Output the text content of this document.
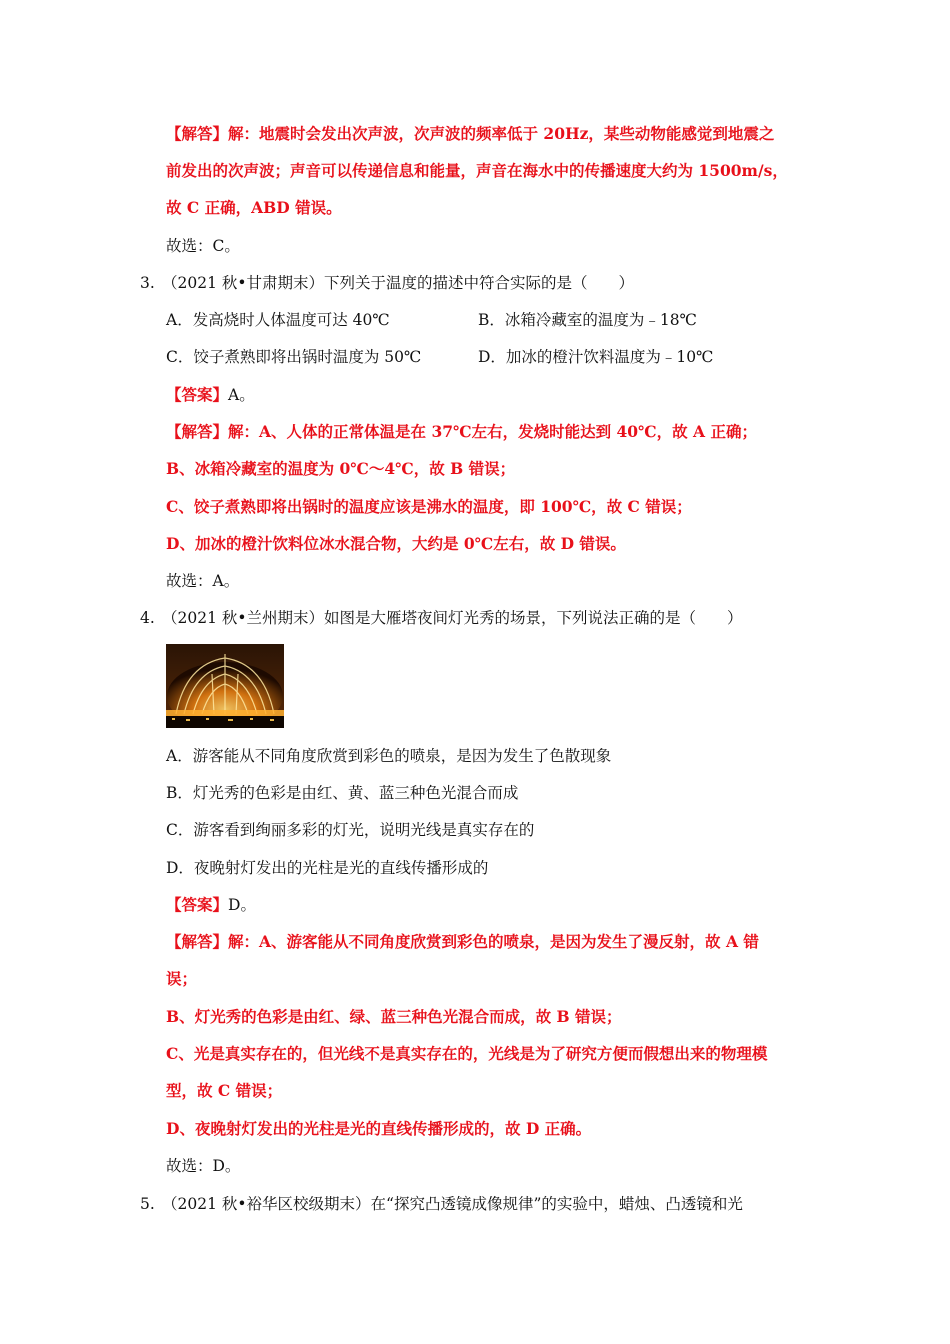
【解答】解：地震时会发出次声波，次声波的频率低于 20Hz，某些动物能感觉到地震之
前发出的次声波；声音可以传递信息和能量，声音在海水中的传播速度大约为 1500m/s，
故 C 正确，ABD 错误。
故选：C。
3. （2021 秋•甘肃期末）下列关于温度的描述中符合实际的是（　　）
A．发高烧时人体温度可达 40℃	B．冰箱冷藏室的温度为﹣18℃
C．饺子煮熟即将出锅时温度为 50℃	D．加冰的橙汁饮料温度为﹣10℃
【答案】A。
【解答】解：A、人体的正常体温是在 37℃左右，发烧时能达到 40℃，故 A 正确；
B、冰箱冷藏室的温度为 0℃～4℃，故 B 错误；
C、饺子煮熟即将出锅时的温度应该是沸水的温度，即 100℃，故 C 错误；
D、加冰的橙汁饮料位冰水混合物，大约是 0℃左右，故 D 错误。
故选：A。
4. （2021 秋•兰州期末）如图是大雁塔夜间灯光秀的场景，下列说法正确的是（　　）
A．游客能从不同角度欣赏到彩色的喷泉，是因为发生了色散现象
B．灯光秀的色彩是由红、黄、蓝三种色光混合而成
C．游客看到绚丽多彩的灯光，说明光线是真实存在的
D．夜晚射灯发出的光柱是光的直线传播形成的
【答案】D。
【解答】解：A、游客能从不同角度欣赏到彩色的喷泉，是因为发生了漫反射，故 A 错
误；
B、灯光秀的色彩是由红、绿、蓝三种色光混合而成，故 B 错误；
C、光是真实存在的，但光线不是真实存在的，光线是为了研究方便而假想出来的物理模
型，故 C 错误；
D、夜晚射灯发出的光柱是光的直线传播形成的，故 D 正确。
故选：D。
5. （2021 秋•裕华区校级期末）在“探究凸透镜成像规律”的实验中，蜡烛、凸透镜和光
